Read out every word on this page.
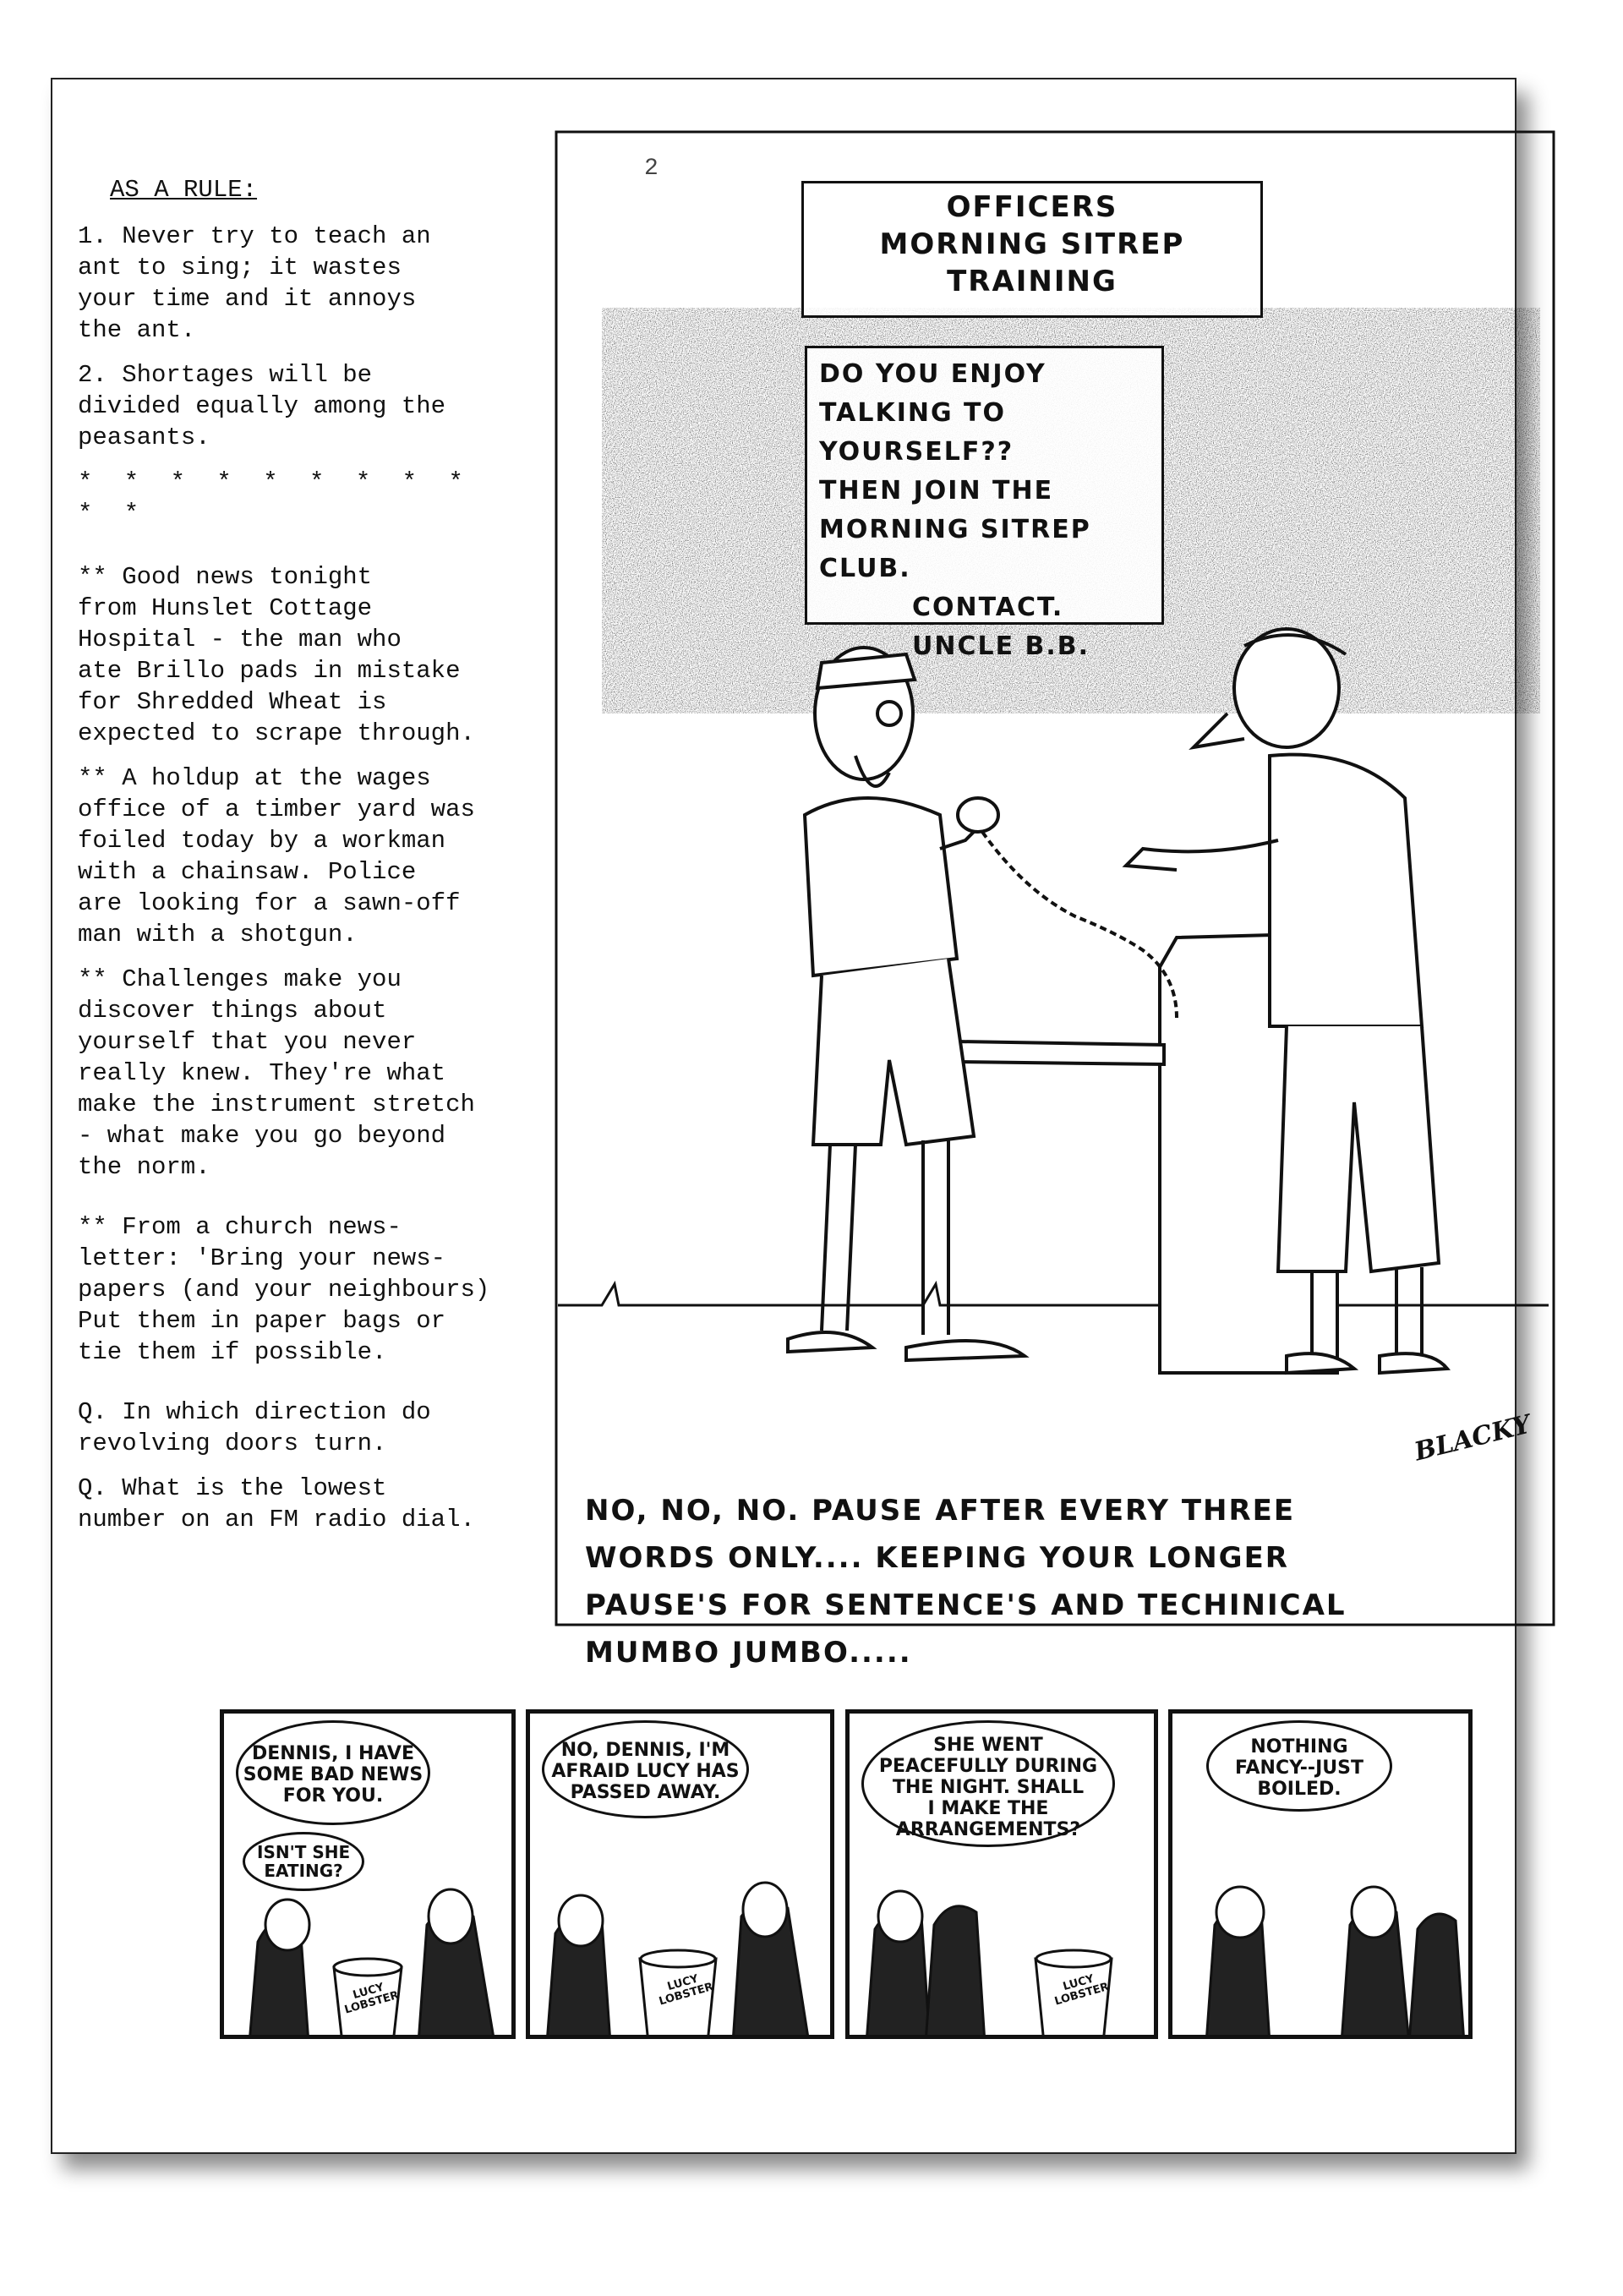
2
AS A RULE:
1. Never try to teach an
ant to sing; it wastes
your time and it annoys
the ant.
2. Shortages will be
divided equally among the
peasants.
* * * * * * * * * * *
** Good news tonight
from Hunslet Cottage
Hospital - the man who
ate Brillo pads in mistake
for Shredded Wheat is
expected to scrape through.
** A holdup at the wages
office of a timber yard was
foiled today by a workman
with a chainsaw. Police
are looking for a sawn-off
man with a shotgun.
** Challenges make you
discover things about
yourself that you never
really knew. They're what
make the instrument stretch
- what make you go beyond
the norm.
** From a church news-
letter: 'Bring your news-
papers (and your neighbours)
Put them in paper bags or
tie them if possible.
Q. In which direction do
revolving doors turn.
Q. What is the lowest
number on an FM radio dial.
OFFICERS
MORNING SITREP
TRAINING
DO YOU ENJOY
TALKING TO
YOURSELF??
THEN JOIN THE
MORNING SITREP
CLUB.
CONTACT.
UNCLE B.B.
BLACKY
NO, NO, NO. PAUSE AFTER EVERY THREE
WORDS ONLY.... KEEPING YOUR LONGER
PAUSE'S FOR SENTENCE'S AND TECHINICAL
MUMBO JUMBO.....
DENNIS, I HAVE
SOME BAD NEWS
FOR YOU.
ISN'T SHE
EATING?
LUCY
LOBSTER
NO, DENNIS, I'M
AFRAID LUCY HAS
PASSED AWAY.
LUCY
LOBSTER
SHE WENT
PEACEFULLY DURING
THE NIGHT. SHALL
I MAKE THE
ARRANGEMENTS?
LUCY
LOBSTER
NOTHING
FANCY--JUST
BOILED.
